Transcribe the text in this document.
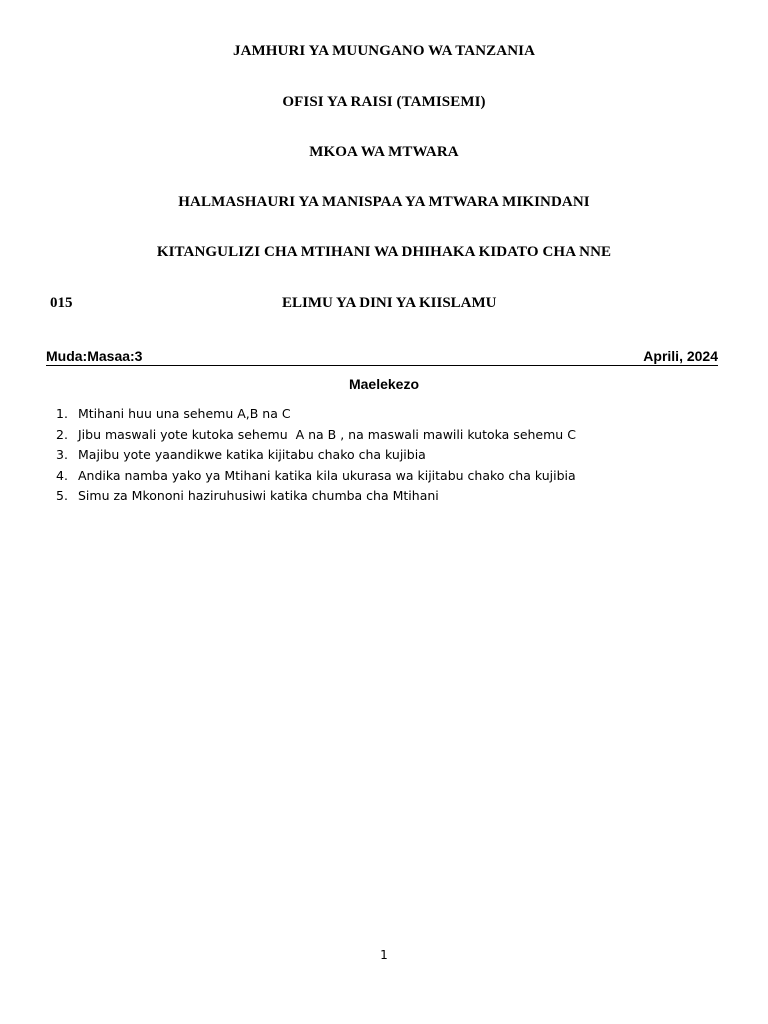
JAMHURI YA MUUNGANO WA TANZANIA
OFISI YA RAISI (TAMISEMI)
MKOA WA MTWARA
HALMASHAURI YA MANISPAA YA MTWARA MIKINDANI
KITANGULIZI CHA MTIHANI WA DHIHAKA KIDATO CHA NNE
015	ELIMU YA DINI YA KIISLAMU
Muda:Masaa:3	Aprili, 2024
Maelekezo
1. Mtihani huu una sehemu A,B na C
2. Jibu maswali yote kutoka sehemu  A na B , na maswali mawili kutoka sehemu C
3. Majibu yote yaandikwe katika kijitabu chako cha kujibia
4. Andika namba yako ya Mtihani katika kila ukurasa wa kijitabu chako cha kujibia
5. Simu za Mkononi haziruhusiwi katika chumba cha Mtihani
1
